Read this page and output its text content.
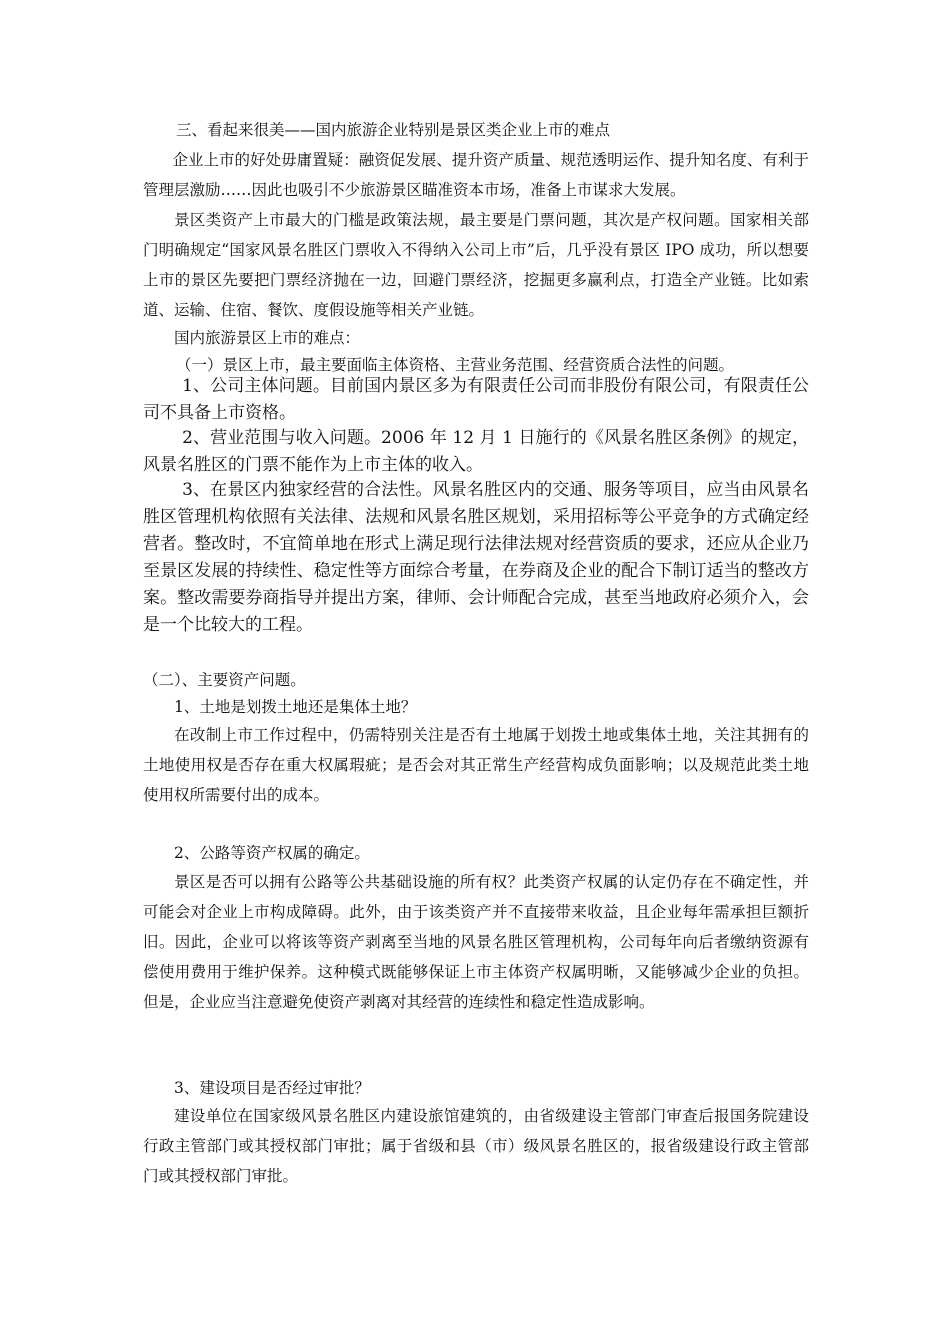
三、看起来很美——国内旅游企业特别是景区类企业上市的难点

企业上市的好处毋庸置疑：融资促发展、提升资产质量、规范透明运作、提升知名度、有利于管理层激励……因此也吸引不少旅游景区瞄准资本市场，准备上市谋求大发展。

景区类资产上市最大的门槛是政策法规，最主要是门票问题，其次是产权问题。国家相关部门明确规定“国家风景名胜区门票收入不得纳入公司上市”后，几乎没有景区 IPO 成功，所以想要上市的景区先要把门票经济抛在一边，回避门票经济，挖掘更多赢利点，打造全产业链。比如索道、运输、住宿、餐饮、度假设施等相关产业链。

国内旅游景区上市的难点：

（一）景区上市，最主要面临主体资格、主营业务范围、经营资质合法性的问题。

1、公司主体问题。目前国内景区多为有限责任公司而非股份有限公司，有限责任公司不具备上市资格。

2、营业范围与收入问题。2006 年 12 月 1 日施行的《风景名胜区条例》的规定，风景名胜区的门票不能作为上市主体的收入。

3、在景区内独家经营的合法性。风景名胜区内的交通、服务等项目，应当由风景名胜区管理机构依照有关法律、法规和风景名胜区规划，采用招标等公平竞争的方式确定经营者。整改时，不宜简单地在形式上满足现行法律法规对经营资质的要求，还应从企业乃至景区发展的持续性、稳定性等方面综合考量，在券商及企业的配合下制订适当的整改方案。整改需要券商指导并提出方案，律师、会计师配合完成，甚至当地政府必须介入，会是一个比较大的工程。

（二）、主要资产问题。

1、土地是划拨土地还是集体土地？

在改制上市工作过程中，仍需特别关注是否有土地属于划拨土地或集体土地，关注其拥有的土地使用权是否存在重大权属瑕疵；是否会对其正常生产经营构成负面影响；以及规范此类土地使用权所需要付出的成本。

2、公路等资产权属的确定。

景区是否可以拥有公路等公共基础设施的所有权？此类资产权属的认定仍存在不确定性，并可能会对企业上市构成障碍。此外，由于该类资产并不直接带来收益，且企业每年需承担巨额折旧。因此，企业可以将该等资产剥离至当地的风景名胜区管理机构，公司每年向后者缴纳资源有偿使用费用于维护保养。这种模式既能够保证上市主体资产权属明晰，又能够减少企业的负担。但是，企业应当注意避免使资产剥离对其经营的连续性和稳定性造成影响。

3、建设项目是否经过审批？

建设单位在国家级风景名胜区内建设旅馆建筑的，由省级建设主管部门审查后报国务院建设行政主管部门或其授权部门审批；属于省级和县（市）级风景名胜区的，报省级建设行政主管部门或其授权部门审批。
